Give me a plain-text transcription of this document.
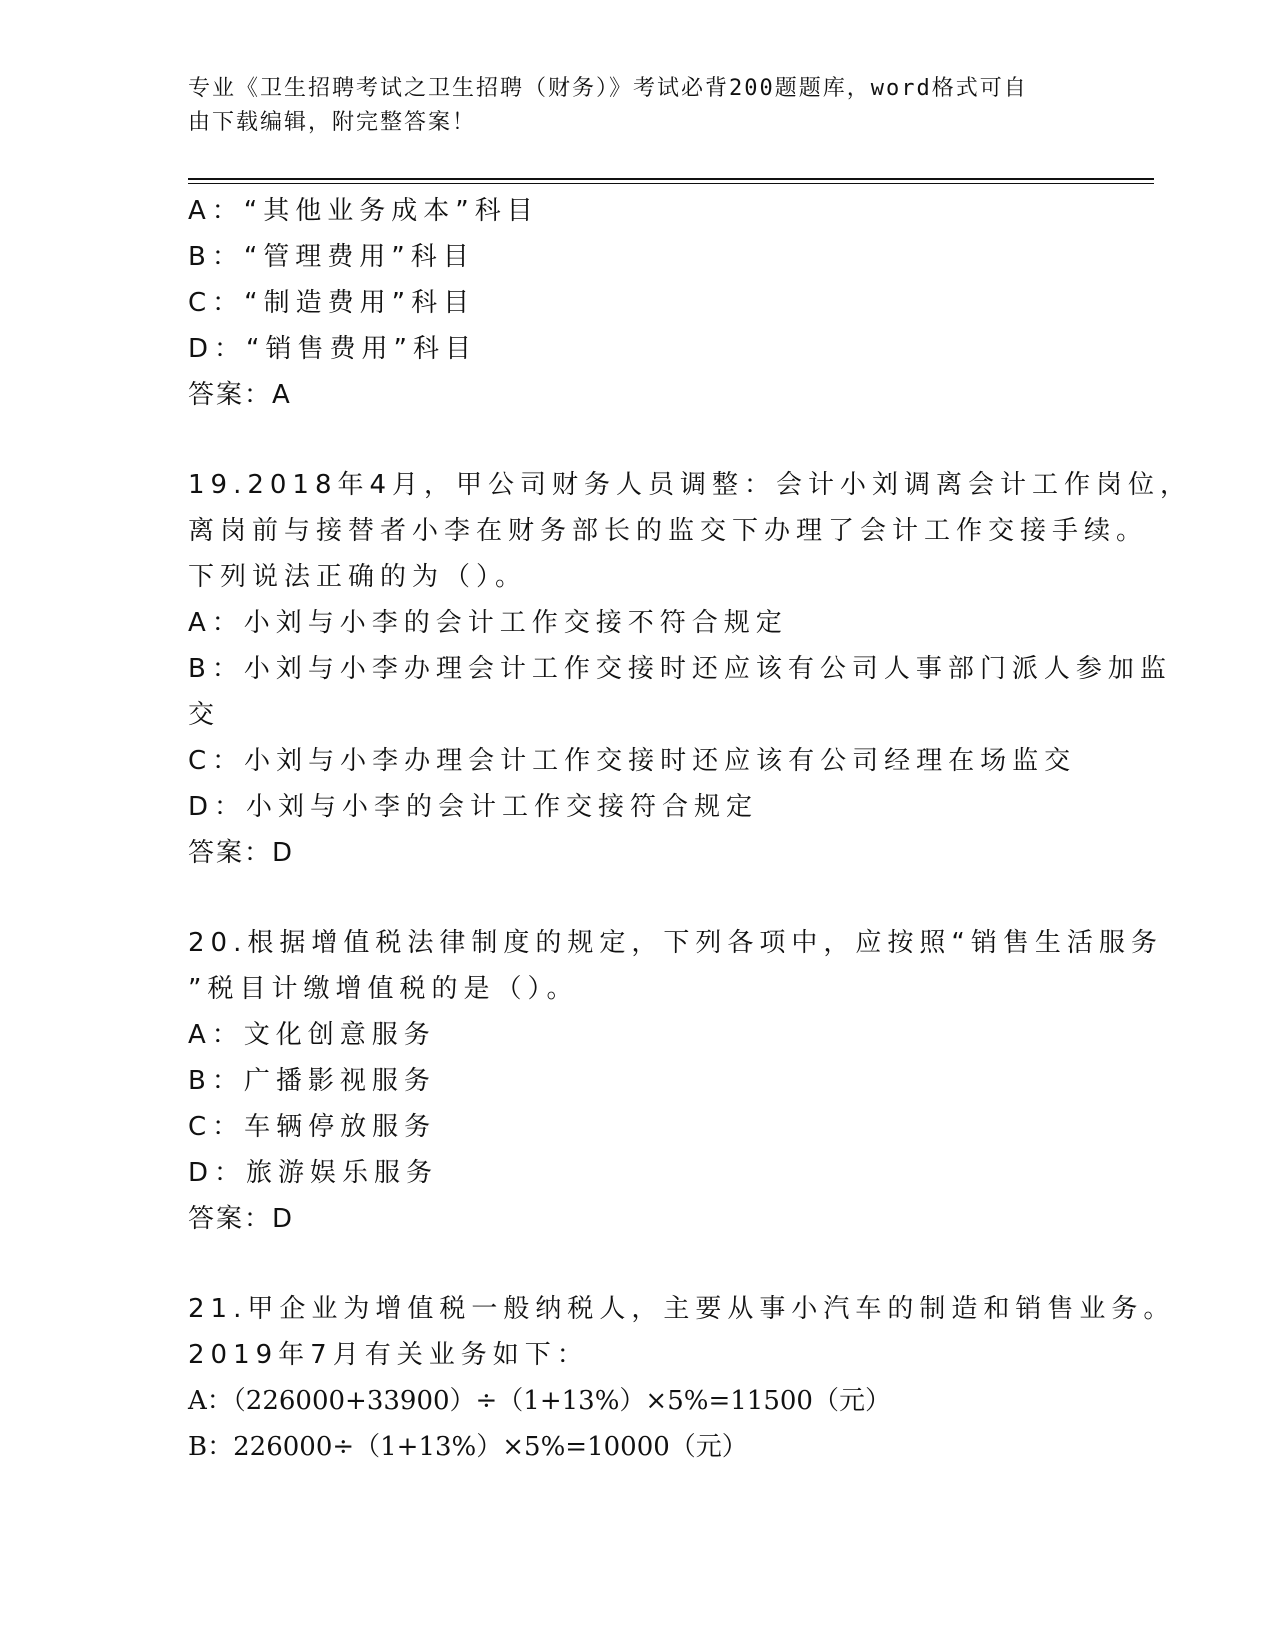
专业《卫生招聘考试之卫生招聘（财务）》考试必背200题题库，word格式可自
由下载编辑，附完整答案！
A：“其他业务成本”科目
B：“管理费用”科目
C：“制造费用”科目
D：“销售费用”科目
答案：A
19.2018年4月，甲公司财务人员调整：会计小刘调离会计工作岗位，
离岗前与接替者小李在财务部长的监交下办理了会计工作交接手续。
下列说法正确的为（）。
A：小刘与小李的会计工作交接不符合规定
B：小刘与小李办理会计工作交接时还应该有公司人事部门派人参加监
交
C：小刘与小李办理会计工作交接时还应该有公司经理在场监交
D：小刘与小李的会计工作交接符合规定
答案：D
20.根据增值税法律制度的规定，下列各项中，应按照“销售生活服务
”税目计缴增值税的是（）。
A：文化创意服务
B：广播影视服务
C：车辆停放服务
D：旅游娱乐服务
答案：D
21.甲企业为增值税一般纳税人，主要从事小汽车的制造和销售业务。
2019年7月有关业务如下：
A：（226000+33900）÷（1+13%）×5%=11500（元）
B：226000÷（1+13%）×5%=10000（元）
